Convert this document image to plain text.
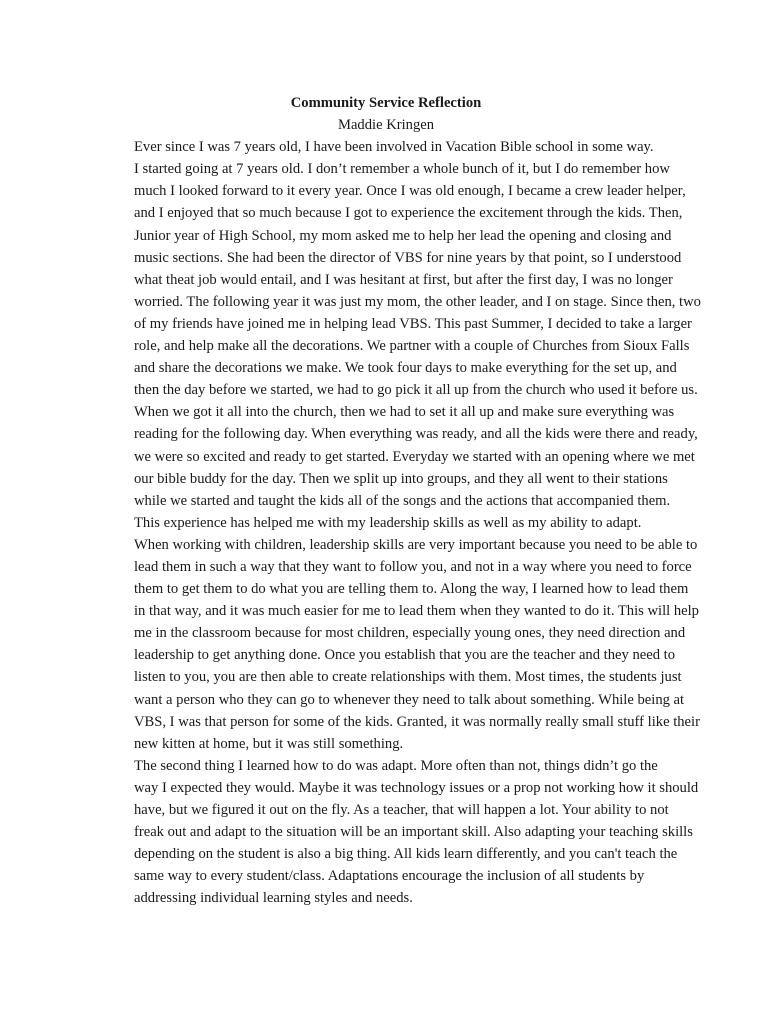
Community Service Reflection

Maddie Kringen

Ever since I was 7 years old, I have been involved in Vacation Bible school in some way.
I started going at 7 years old. I don’t remember a whole bunch of it, but I do remember how
much I looked forward to it every year. Once I was old enough, I became a crew leader helper,
and I enjoyed that so much because I got to experience the excitement through the kids. Then,
Junior year of High School, my mom asked me to help her lead the opening and closing and
music sections. She had been the director of VBS for nine years by that point, so I understood
what theat job would entail, and I was hesitant at first, but after the first day, I was no longer
worried. The following year it was just my mom, the other leader, and I on stage. Since then, two
of my friends have joined me in helping lead VBS. This past Summer, I decided to take a larger
role, and help make all the decorations. We partner with a couple of Churches from Sioux Falls
and share the decorations we make. We took four days to make everything for the set up, and
then the day before we started, we had to go pick it all up from the church who used it before us.
When we got it all into the church, then we had to set it all up and make sure everything was
reading for the following day. When everything was ready, and all the kids were there and ready,
we were so excited and ready to get started. Everyday we started with an opening where we met
our bible buddy for the day. Then we split up into groups, and they all went to their stations
while we started and taught the kids all of the songs and the actions that accompanied them.

This experience has helped me with my leadership skills as well as my ability to adapt.
When working with children, leadership skills are very important because you need to be able to
lead them in such a way that they want to follow you, and not in a way where you need to force
them to get them to do what you are telling them to. Along the way, I learned how to lead them
in that way, and it was much easier for me to lead them when they wanted to do it. This will help
me in the classroom because for most children, especially young ones, they need direction and
leadership to get anything done. Once you establish that you are the teacher and they need to
listen to you, you are then able to create relationships with them. Most times, the students just
want a person who they can go to whenever they need to talk about something. While being at
VBS, I was that person for some of the kids. Granted, it was normally really small stuff like their
new kitten at home, but it was still something.

The second thing I learned how to do was adapt. More often than not, things didn’t go the
way I expected they would. Maybe it was technology issues or a prop not working how it should
have, but we figured it out on the fly. As a teacher, that will happen a lot. Your ability to not
freak out and adapt to the situation will be an important skill. Also adapting your teaching skills
depending on the student is also a big thing. All kids learn differently, and you can't teach the
same way to every student/class. Adaptations encourage the inclusion of all students by
addressing individual learning styles and needs.
